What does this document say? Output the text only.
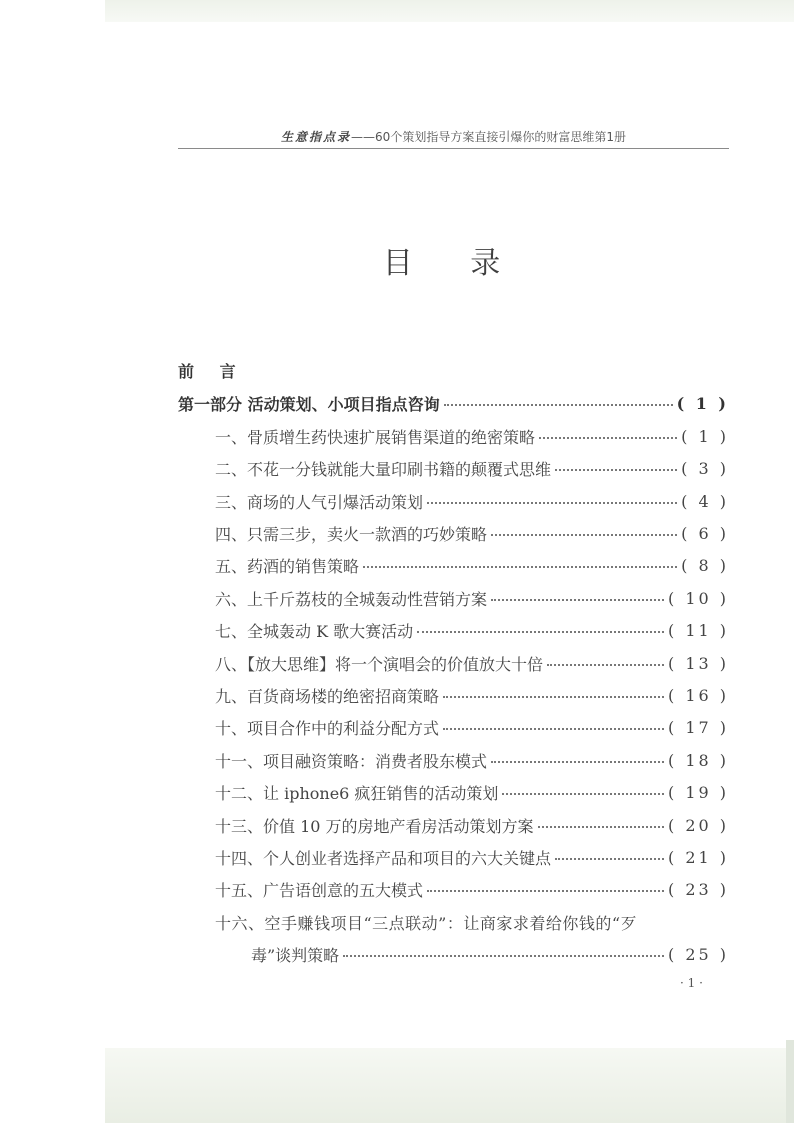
生意指点录——60个策划指导方案直接引爆你的财富思维第1册
目 录
前 言
第一部分 活动策划、小项目指点咨询	( 1 )
一、骨质增生药快速扩展销售渠道的绝密策略	( 1 )
二、不花一分钱就能大量印刷书籍的颠覆式思维	( 3 )
三、商场的人气引爆活动策划	( 4 )
四、只需三步，卖火一款酒的巧妙策略	( 6 )
五、药酒的销售策略	( 8 )
六、上千斤荔枝的全城轰动性营销方案	( 10 )
七、全城轰动 K 歌大赛活动	( 11 )
八、【放大思维】将一个演唱会的价值放大十倍	( 13 )
九、百货商场楼的绝密招商策略	( 16 )
十、项目合作中的利益分配方式	( 17 )
十一、项目融资策略：消费者股东模式	( 18 )
十二、让 iphone6 疯狂销售的活动策划	( 19 )
十三、价值 10 万的房地产看房活动策划方案	( 20 )
十四、个人创业者选择产品和项目的六大关键点	( 21 )
十五、广告语创意的五大模式	( 23 )
十六、空手赚钱项目“三点联动”：让商家求着给你钱的“歹
毒”谈判策略	( 25 )
· 1 ·
